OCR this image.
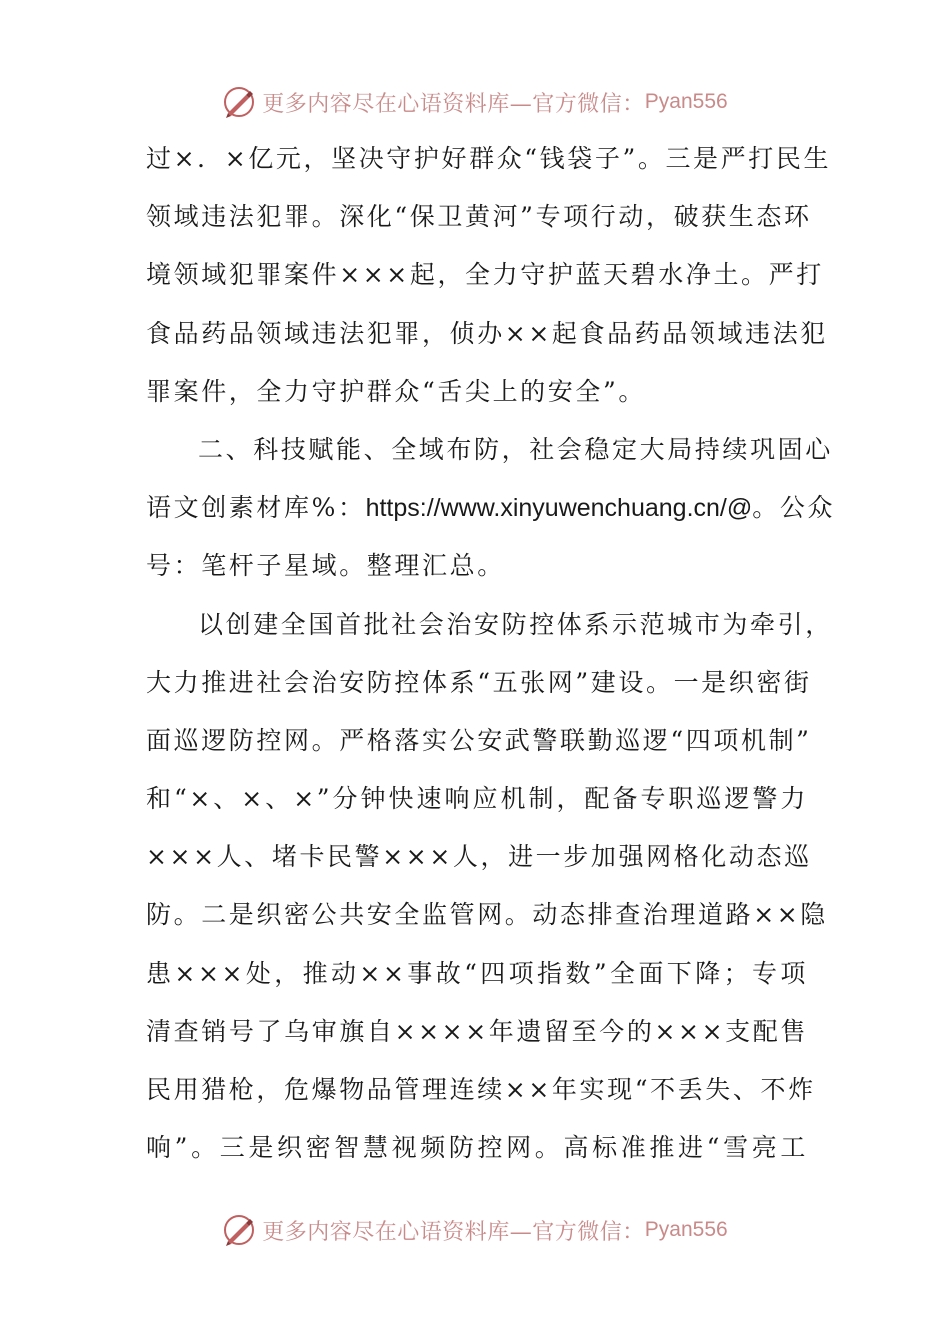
更多内容尽在心语资料库—官方微信： Pyan556
过×．×亿元，坚决守护好群众“钱袋子”。三是严打民生
领域违法犯罪。深化“保卫黄河”专项行动，破获生态环
境领域犯罪案件×××起，全力守护蓝天碧水净土。严打
食品药品领域违法犯罪，侦办××起食品药品领域违法犯
罪案件，全力守护群众“舌尖上的安全”。
二、科技赋能、全域布防，社会稳定大局持续巩固心
语文创素材库%：https://www.xinyuwenchuang.cn/@。公众
号：笔杆子星域。整理汇总。
以创建全国首批社会治安防控体系示范城市为牵引，
大力推进社会治安防控体系“五张网”建设。一是织密街
面巡逻防控网。严格落实公安武警联勤巡逻“四项机制”
和“×、×、×”分钟快速响应机制，配备专职巡逻警力
×××人、堵卡民警×××人，进一步加强网格化动态巡
防。二是织密公共安全监管网。动态排查治理道路××隐
患×××处，推动××事故“四项指数”全面下降；专项
清查销号了乌审旗自××××年遗留至今的×××支配售
民用猎枪，危爆物品管理连续××年实现“不丢失、不炸
响”。三是织密智慧视频防控网。高标准推进“雪亮工
更多内容尽在心语资料库—官方微信： Pyan556
